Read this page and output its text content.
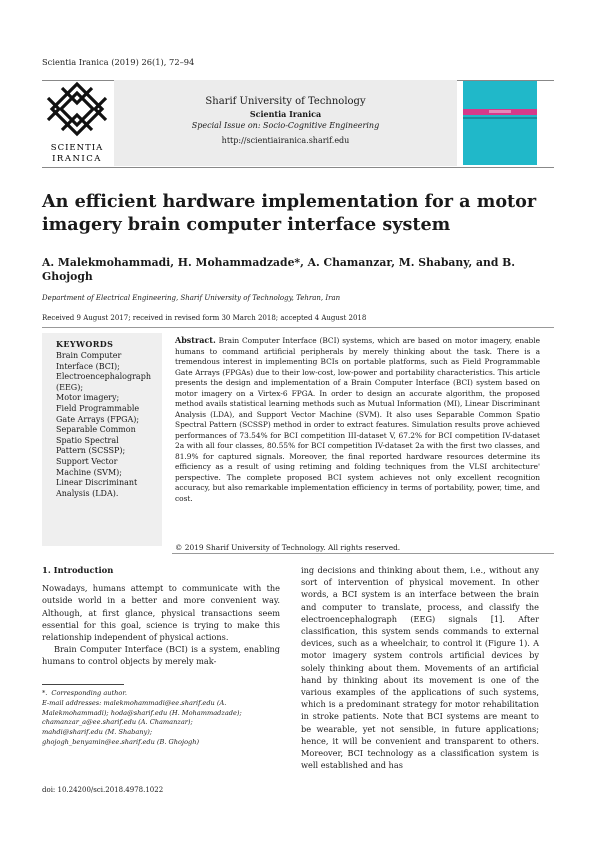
Scientia Iranica (2019) 26(1), 72–94
SCIENTIA
IRANICA
Sharif University of Technology
Scientia Iranica
Special Issue on: Socio-Cognitive Engineering
http://scientiairanica.sharif.edu
An efficient hardware implementation for a motor imagery brain computer interface system
A. Malekmohammadi, H. Mohammadzade*, A. Chamanzar, M. Shabany, and B. Ghojogh
Department of Electrical Engineering, Sharif University of Technology, Tehran, Iran
Received 9 August 2017; received in revised form 30 March 2018; accepted 4 August 2018
KEYWORDS
Brain Computer
Interface (BCI);
Electroencephalograph
(EEG);
Motor imagery;
Field Programmable
Gate Arrays (FPGA);
Separable Common
Spatio Spectral
Pattern (SCSSP);
Support Vector
Machine (SVM);
Linear Discriminant
Analysis (LDA).
Abstract. Brain Computer Interface (BCI) systems, which are based on motor imagery, enable humans to command artificial peripherals by merely thinking about the task. There is a tremendous interest in implementing BCIs on portable platforms, such as Field Programmable Gate Arrays (FPGAs) due to their low-cost, low-power and portability characteristics. This article presents the design and implementation of a Brain Computer Interface (BCI) system based on motor imagery on a Virtex-6 FPGA. In order to design an accurate algorithm, the proposed method avails statistical learning methods such as Mutual Information (MI), Linear Discriminant Analysis (LDA), and Support Vector Machine (SVM). It also uses Separable Common Spatio Spectral Pattern (SCSSP) method in order to extract features. Simulation results prove achieved performances of 73.54% for BCI competition III-dataset V, 67.2% for BCI competition IV-dataset 2a with all four classes, 80.55% for BCI competition IV-dataset 2a with the first two classes, and 81.9% for captured signals. Moreover, the final reported hardware resources determine its efficiency as a result of using retiming and folding techniques from the VLSI architecture' perspective. The complete proposed BCI system achieves not only excellent recognition accuracy, but also remarkable implementation efficiency in terms of portability, power, time, and cost.
© 2019 Sharif University of Technology. All rights reserved.
1. Introduction
Nowadays, humans attempt to communicate with the outside world in a better and more convenient way. Although, at first glance, physical transactions seem essential for this goal, science is trying to make this relationship independent of physical actions.
Brain Computer Interface (BCI) is a system, enabling humans to control objects by merely mak-
ing decisions and thinking about them, i.e., without any sort of intervention of physical movement. In other words, a BCI system is an interface between the brain and computer to translate, process, and classify the electroencephalograph (EEG) signals [1]. After classification, this system sends commands to external devices, such as a wheelchair, to control it (Figure 1). A motor imagery system controls artificial devices by solely thinking about them. Movements of an artificial hand by thinking about its movement is one of the various examples of the applications of such systems, which is a predominant strategy for motor rehabilitation in stroke patients. Note that BCI systems are meant to be wearable, yet not sensible, in future applications; hence, it will be convenient and transparent to others. Moreover, BCI technology as a classification system is well established and has
*. Corresponding author.
E-mail addresses: malekmohammadi@ee.sharif.edu (A.
Malekmohammadi); hoda@sharif.edu (H. Mohammadzade);
chamanzar_a@ee.sharif.edu (A. Chamanzar);
mahdi@sharif.edu (M. Shabany);
ghojogh_benyamin@ee.sharif.edu (B. Ghojogh)
doi: 10.24200/sci.2018.4978.1022
